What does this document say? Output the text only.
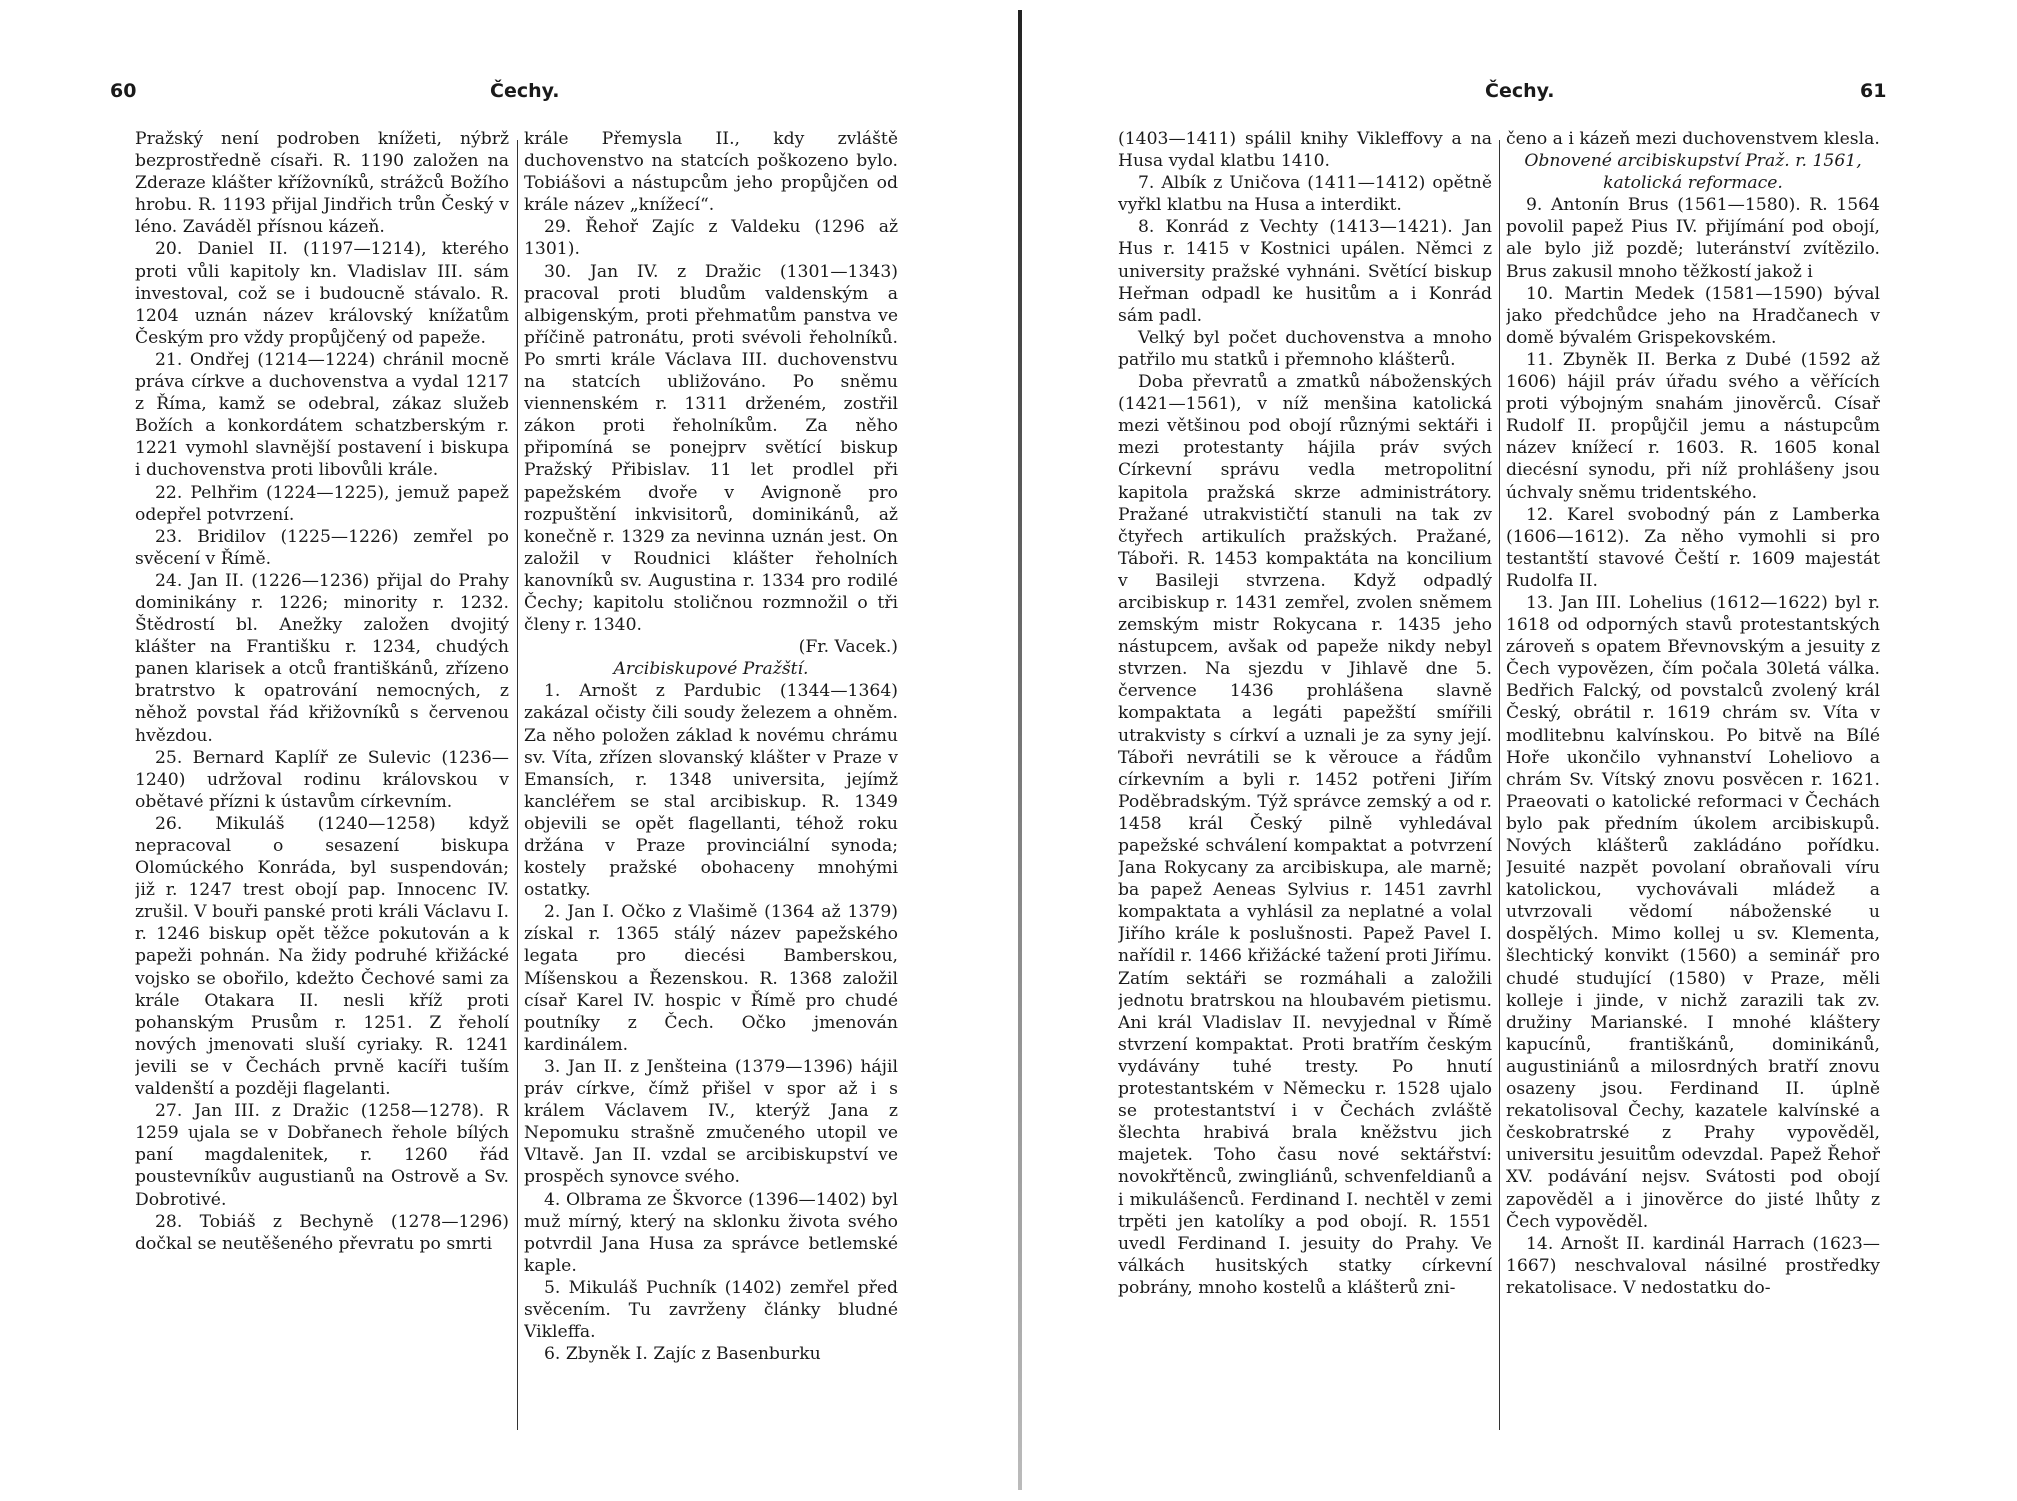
60	Čechy.

Pražský není podroben knížeti, nýbrž bezprostředně císaři. R. 1190 založen na Zderaze klášter křížovníků, strážců Božího hrobu. R. 1193 přijal Jindřich trůn Český v léno. Zaváděl přísnou kázeň.

20. Daniel II. (1197—1214), kterého proti vůli kapitoly kn. Vladislav III. sám investoval, což se i budoucně stávalo. R. 1204 uznán název královský knížatům Českým pro vždy propůjčený od papeže.

21. Ondřej (1214—1224) chránil mocně práva církve a duchovenstva a vydal 1217 z Říma, kamž se odebral, zákaz služeb Božích a konkordátem schatzberským r. 1221 vymohl slavnější postavení i biskupa i duchovenstva proti libovůli krále.

22. Pelhřim (1224—1225), jemuž papež odepřel potvrzení.

23. Bridilov (1225—1226) zemřel po svěcení v Římě.

24. Jan II. (1226—1236) přijal do Prahy dominikány r. 1226; minority r. 1232. Štědrostí bl. Anežky založen dvojitý klášter na Františku r. 1234, chudých panen klarisek a otců františkánů, zřízeno bratrstvo k opatrování nemocných, z něhož povstal řád křižovníků s červenou hvězdou.

25. Bernard Kaplíř ze Sulevic (1236—1240) udržoval rodinu královskou v obětavé přízni k ústavům církevním.

26. Mikuláš (1240—1258) když nepracoval o sesazení biskupa Olomúckého Konráda, byl suspendován; již r. 1247 trest obojí pap. Innocenc IV. zrušil. V bouři panské proti králi Václavu I. r. 1246 biskup opět těžce pokutován a k papeži pohnán. Na židy podruhé křižácké vojsko se obořilo, kdežto Čechové sami za krále Otakara II. nesli kříž proti pohanským Prusům r. 1251. Z řeholí nových jmenovati sluší cyriaky. R. 1241 jevili se v Čechách prvně kacíři tuším valdenští a později flagelanti.

27. Jan III. z Dražic (1258—1278). R 1259 ujala se v Dobřanech řehole bílých paní magdalenitek, r. 1260 řád poustevníkův augustianů na Ostrově a Sv. Dobrotivé.

28. Tobiáš z Bechyně (1278—1296) dočkal se neutěšeného převratu po smrti

krále Přemysla II., kdy zvláště duchovenstvo na statcích poškozeno bylo. Tobiášovi a nástupcům jeho propůjčen od krále název „knížecí“.

29. Řehoř Zajíc z Valdeku (1296 až 1301).

30. Jan IV. z Dražic (1301—1343) pracoval proti bludům valdenským a albigenským, proti přehmatům panstva ve příčině patronátu, proti svévoli řeholníků. Po smrti krále Václava III. duchovenstvu na statcích ubližováno. Po sněmu viennenském r. 1311 drženém, zostřil zákon proti řeholníkům. Za něho připomíná se ponejprv světící biskup Pražský Přibislav. 11 let prodlel při papežském dvoře v Avignoně pro rozpuštění inkvisitorů, dominikánů, až konečně r. 1329 za nevinna uznán jest. On založil v Roudnici klášter řeholních kanovníků sv. Augustina r. 1334 pro rodilé Čechy; kapitolu stoličnou rozmnožil o tři členy r. 1340.

(Fr. Vacek.)

Arcibiskupové Pražští.

1. Arnošt z Pardubic (1344—1364) zakázal očisty čili soudy železem a ohněm. Za něho položen základ k novému chrámu sv. Víta, zřízen slovanský klášter v Praze v Emansích, r. 1348 universita, jejímž kancléřem se stal arcibiskup. R. 1349 objevili se opět flagellanti, téhož roku držána v Praze provinciální synoda; kostely pražské obohaceny mnohými ostatky.

2. Jan I. Očko z Vlašimě (1364 až 1379) získal r. 1365 stálý název papežského legata pro diecési Bamberskou, Míšenskou a Řezenskou. R. 1368 založil císař Karel IV. hospic v Římě pro chudé poutníky z Čech. Očko jmenován kardinálem.

3. Jan II. z Jenšteina (1379—1396) hájil práv církve, čímž přišel v spor až i s králem Václavem IV., kterýž Jana z Nepomuku strašně zmučeného utopil ve Vltavě. Jan II. vzdal se arcibiskupství ve prospěch synovce svého.

4. Olbrama ze Škvorce (1396—1402) byl muž mírný, který na sklonku života svého potvrdil Jana Husa za správce betlemské kaple.

5. Mikuláš Puchník (1402) zemřel před svěcením. Tu zavrženy články bludné Vikleffa.

6. Zbyněk I. Zajíc z Basenburku

Čechy.	61

(1403—1411) spálil knihy Vikleffovy a na Husa vydal klatbu 1410.

7. Albík z Uničova (1411—1412) opětně vyřkl klatbu na Husa a interdikt.

8. Konrád z Vechty (1413—1421). Jan Hus r. 1415 v Kostnici upálen. Němci z university pražské vyhnáni. Světící biskup Heřman odpadl ke husitům a i Konrád sám padl.

Velký byl počet duchovenstva a mnoho patřilo mu statků i přemnoho klášterů.

Doba převratů a zmatků náboženských (1421—1561), v níž menšina katolická mezi většinou pod obojí různými sektáři i mezi protestanty hájila práv svých Církevní správu vedla metropolitní kapitola pražská skrze administrátory. Pražané utrakvističtí stanuli na tak zv čtyřech artikulích pražských. Pražané, Táboři. R. 1453 kompaktáta na koncilium v Basileji stvrzena. Když odpadlý arcibiskup r. 1431 zemřel, zvolen sněmem zemským mistr Rokycana r. 1435 jeho nástupcem, avšak od papeže nikdy nebyl stvrzen. Na sjezdu v Jihlavě dne 5. července 1436 prohlášena slavně kompaktata a legáti papežští smířili utrakvisty s církví a uznali je za syny její. Táboři nevrátili se k věrouce a řádům církevním a byli r. 1452 potřeni Jiřím Poděbradským. Týž správce zemský a od r. 1458 král Český pilně vyhledával papežské schválení kompaktat a potvrzení Jana Rokycany za arcibiskupa, ale marně; ba papež Aeneas Sylvius r. 1451 zavrhl kompaktata a vyhlásil za neplatné a volal Jiřího krále k poslušnosti. Papež Pavel I. nařídil r. 1466 křižácké tažení proti Jiřímu. Zatím sektáři se rozmáhali a založili jednotu bratrskou na hloubavém pietismu. Ani král Vladislav II. nevyjednal v Římě stvrzení kompaktat. Proti bratřím českým vydávány tuhé tresty. Po hnutí protestantském v Německu r. 1528 ujalo se protestantství i v Čechách zvláště šlechta hrabivá brala kněžstvu jich majetek. Toho času nové sektářství: novokřtěnců, zwingliánů, schvenfeldianů a i mikulášenců. Ferdinand I. nechtěl v zemi trpěti jen katolíky a pod obojí. R. 1551 uvedl Ferdinand I. jesuity do Prahy. Ve válkách husitských statky církevní pobrány, mnoho kostelů a klášterů zni-

čeno a i kázeň mezi duchovenstvem klesla.

Obnovené arcibiskupství Praž. r. 1561, katolická reformace.

9. Antonín Brus (1561—1580). R. 1564 povolil papež Pius IV. přijímání pod obojí, ale bylo již pozdě; luteránství zvítězilo. Brus zakusil mnoho těžkostí jakož i

10. Martin Medek (1581—1590) býval jako předchůdce jeho na Hradčanech v domě bývalém Grispekovském.

11. Zbyněk II. Berka z Dubé (1592 až 1606) hájil práv úřadu svého a věřících proti výbojným snahám jinověrců. Císař Rudolf II. propůjčil jemu a nástupcům název knížecí r. 1603. R. 1605 konal diecésní synodu, při níž prohlášeny jsou úchvaly sněmu tridentského.

12. Karel svobodný pán z Lamberka (1606—1612). Za něho vymohli si pro testantští stavové Čeští r. 1609 majestát Rudolfa II.

13. Jan III. Lohelius (1612—1622) byl r. 1618 od odporných stavů protestantských zároveň s opatem Břevnovským a jesuity z Čech vypovězen, čím počala 30letá válka. Bedřich Falcký, od povstalců zvolený král Český, obrátil r. 1619 chrám sv. Víta v modlitebnu kalvínskou. Po bitvě na Bílé Hoře ukončilo vyhnanství Loheliovo a chrám Sv. Vítský znovu posvěcen r. 1621. Praeovati o katolické reformaci v Čechách bylo pak předním úkolem arcibiskupů. Nových klášterů zakládáno pořídku. Jesuité nazpět povolaní obraňovali víru katolickou, vychovávali mládež a utvrzovali vědomí náboženské u dospělých. Mimo kollej u sv. Klementa, šlechtický konvikt (1560) a seminář pro chudé studující (1580) v Praze, měli kolleje i jinde, v nichž zarazili tak zv. družiny Marianské. I mnohé kláštery kapucínů, františkánů, dominikánů, augustiniánů a milosrdných bratří znovu osazeny jsou. Ferdinand II. úplně rekatolisoval Čechy, kazatele kalvínské a českobratrské z Prahy vypověděl, universitu jesuitům odevzdal. Papež Řehoř XV. podávání nejsv. Svátosti pod obojí zapověděl a i jinověrce do jisté lhůty z Čech vypověděl.

14. Arnošt II. kardinál Harrach (1623—1667) neschvaloval násilné prostředky rekatolisace. V nedostatku do-
